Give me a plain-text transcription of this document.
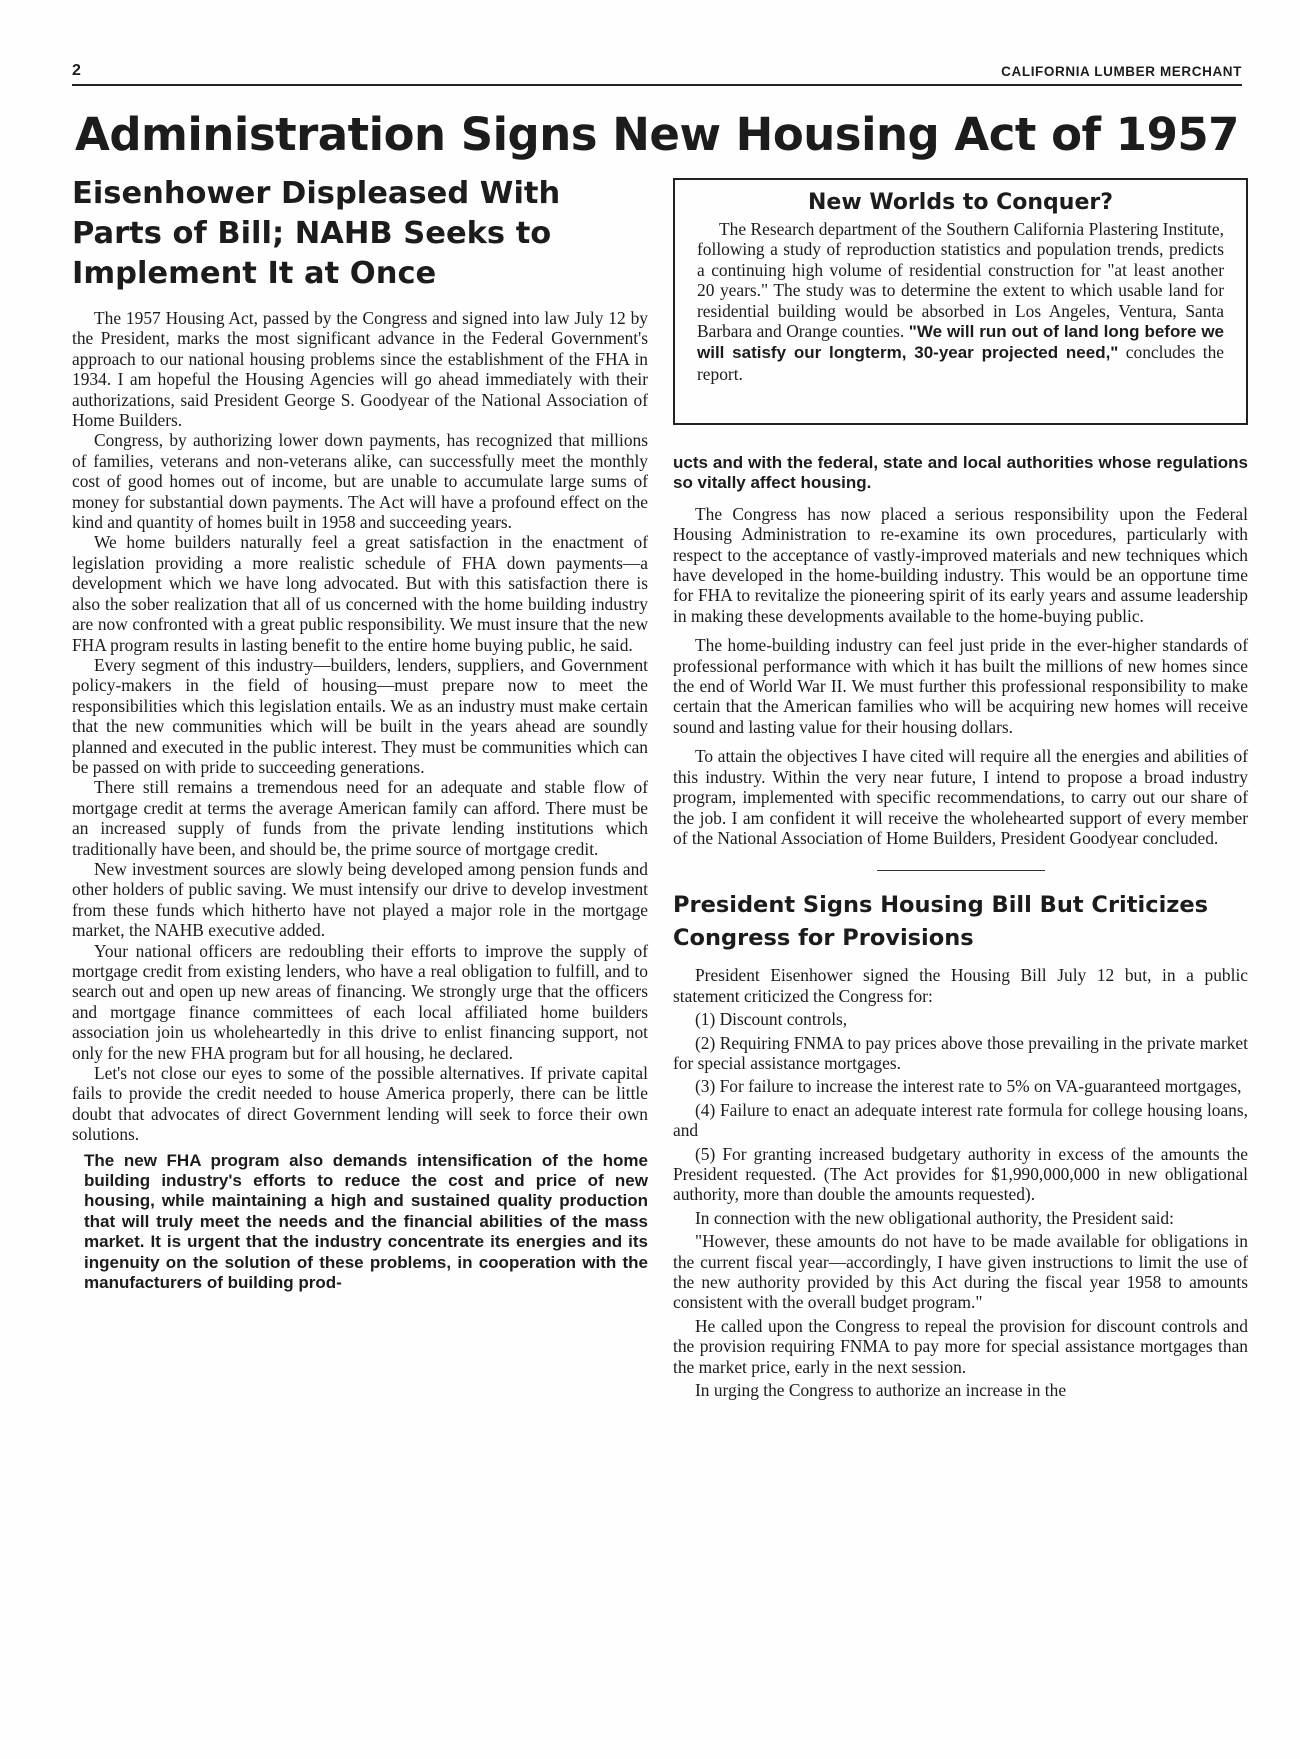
2	CALIFORNIA LUMBER MERCHANT
Administration Signs New Housing Act of 1957
Eisenhower Displeased With Parts of Bill; NAHB Seeks to Implement It at Once

The 1957 Housing Act, passed by the Congress and signed into law July 12 by the President, marks the most significant advance in the Federal Government's approach to our national housing problems since the establishment of the FHA in 1934. I am hopeful the Housing Agencies will go ahead immediately with their authorizations, said President George S. Goodyear of the National Association of Home Builders.

Congress, by authorizing lower down payments, has recognized that millions of families, veterans and non-veterans alike, can successfully meet the monthly cost of good homes out of income, but are unable to accumulate large sums of money for substantial down payments. The Act will have a profound effect on the kind and quantity of homes built in 1958 and succeeding years.

We home builders naturally feel a great satisfaction in the enactment of legislation providing a more realistic schedule of FHA down payments—a development which we have long advocated. But with this satisfaction there is also the sober realization that all of us concerned with the home building industry are now confronted with a great public responsibility. We must insure that the new FHA program results in lasting benefit to the entire home buying public, he said.

Every segment of this industry—builders, lenders, suppliers, and Government policy-makers in the field of housing—must prepare now to meet the responsibilities which this legislation entails. We as an industry must make certain that the new communities which will be built in the years ahead are soundly planned and executed in the public interest. They must be communities which can be passed on with pride to succeeding generations.

There still remains a tremendous need for an adequate and stable flow of mortgage credit at terms the average American family can afford. There must be an increased supply of funds from the private lending institutions which traditionally have been, and should be, the prime source of mortgage credit.

New investment sources are slowly being developed among pension funds and other holders of public saving. We must intensify our drive to develop investment from these funds which hitherto have not played a major role in the mortgage market, the NAHB executive added.

Your national officers are redoubling their efforts to improve the supply of mortgage credit from existing lenders, who have a real obligation to fulfill, and to search out and open up new areas of financing. We strongly urge that the officers and mortgage finance committees of each local affiliated home builders association join us wholeheartedly in this drive to enlist financing support, not only for the new FHA program but for all housing, he declared.

Let's not close our eyes to some of the possible alternatives. If private capital fails to provide the credit needed to house America properly, there can be little doubt that advocates of direct Government lending will seek to force their own solutions.

The new FHA program also demands intensification of the home building industry's efforts to reduce the cost and price of new housing, while maintaining a high and sustained quality production that will truly meet the needs and the financial abilities of the mass market. It is urgent that the industry concentrate its energies and its ingenuity on the solution of these problems, in cooperation with the manufacturers of building prod-
New Worlds to Conquer?

The Research department of the Southern California Plastering Institute, following a study of reproduction statistics and population trends, predicts a continuing high volume of residential construction for "at least another 20 years." The study was to determine the extent to which usable land for residential building would be absorbed in Los Angeles, Ventura, Santa Barbara and Orange counties. "We will run out of land long before we will satisfy our longterm, 30-year projected need," concludes the report.

ucts and with the federal, state and local authorities whose regulations so vitally affect housing.

The Congress has now placed a serious responsibility upon the Federal Housing Administration to re-examine its own procedures, particularly with respect to the acceptance of vastly-improved materials and new techniques which have developed in the home-building industry. This would be an opportune time for FHA to revitalize the pioneering spirit of its early years and assume leadership in making these developments available to the home-buying public.

The home-building industry can feel just pride in the ever-higher standards of professional performance with which it has built the millions of new homes since the end of World War II. We must further this professional responsibility to make certain that the American families who will be acquiring new homes will receive sound and lasting value for their housing dollars.

To attain the objectives I have cited will require all the energies and abilities of this industry. Within the very near future, I intend to propose a broad industry program, implemented with specific recommendations, to carry out our share of the job. I am confident it will receive the wholehearted support of every member of the National Association of Home Builders, President Goodyear concluded.

President Signs Housing Bill But Criticizes Congress for Provisions

President Eisenhower signed the Housing Bill July 12 but, in a public statement criticized the Congress for:

(1) Discount controls,

(2) Requiring FNMA to pay prices above those prevailing in the private market for special assistance mortgages.

(3) For failure to increase the interest rate to 5% on VA-guaranteed mortgages,

(4) Failure to enact an adequate interest rate formula for college housing loans, and

(5) For granting increased budgetary authority in excess of the amounts the President requested. (The Act provides for $1,990,000,000 in new obligational authority, more than double the amounts requested).

In connection with the new obligational authority, the President said:

"However, these amounts do not have to be made available for obligations in the current fiscal year—accordingly, I have given instructions to limit the use of the new authority provided by this Act during the fiscal year 1958 to amounts consistent with the overall budget program."

He called upon the Congress to repeal the provision for discount controls and the provision requiring FNMA to pay more for special assistance mortgages than the market price, early in the next session.

In urging the Congress to authorize an increase in the
